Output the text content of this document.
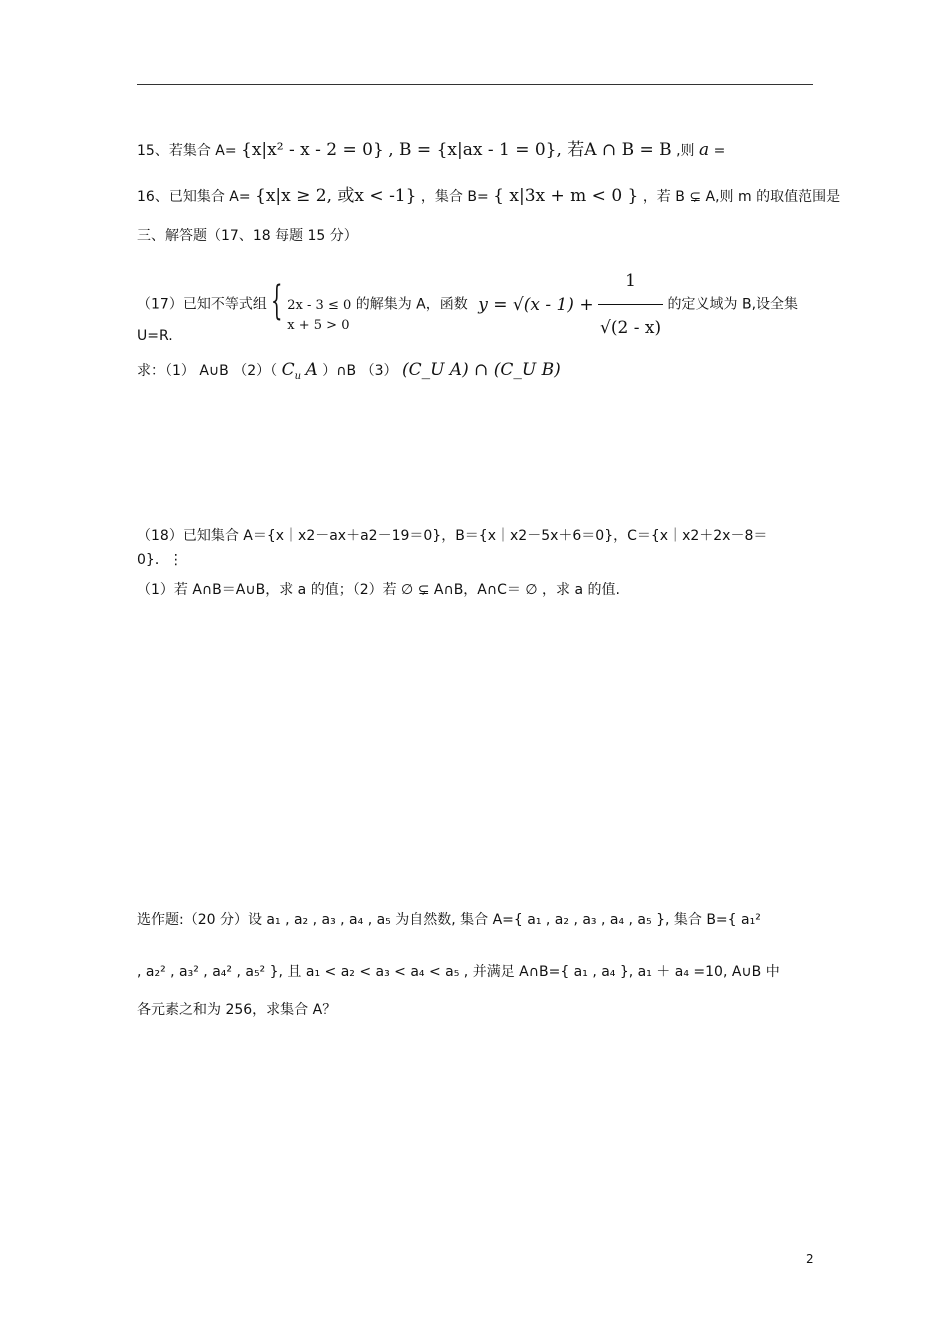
15、若集合 A= {x|x² - x - 2 = 0} , B = {x|ax - 1 = 0}, 若A ∩ B = B ,则 a =
16、已知集合 A= {x|x ≥ 2, 或x < -1} ，集合 B= { x|3x + m < 0 } ，若 B ⊊ A,则 m 的取值范围是
三、解答题（17、18 每题 15 分）
（17）已知不等式组 { 2x - 3 ≤ 0
x + 5 > 0
的解集为 A，函数 $y = √(x - 1) + \frac{1}{√(2 - x)}$ 的定义域为 B,设全集
U=R.
求：（1） A∪B （2）（ $C_u$ A ）∩B （3） (C_U A) ∩ (C_U B)
（18）已知集合 A＝{x｜x2－ax＋a2－19＝0}，B＝{x｜x2－5x＋6＝0}，C＝{x｜x2＋2x－8＝
0}．⋮
（1）若 A∩B＝A∪B，求 a 的值；（2）若 ∅ ⊊ A∩B，A∩C＝ ∅ ，求 a 的值.
选作题:（20 分）设 a₁ , a₂ , a₃ , a₄ , a₅ 为自然数, 集合 A={ a₁ , a₂ , a₃ , a₄ , a₅ }, 集合 B={ a₁²
, a₂² , a₃² , a₄² , a₅² }, 且 a₁ < a₂ < a₃ < a₄ < a₅ , 并满足 A∩B={ a₁ , a₄ }, a₁ ＋ a₄ =10, A∪B 中
各元素之和为 256，求集合 A？
2
